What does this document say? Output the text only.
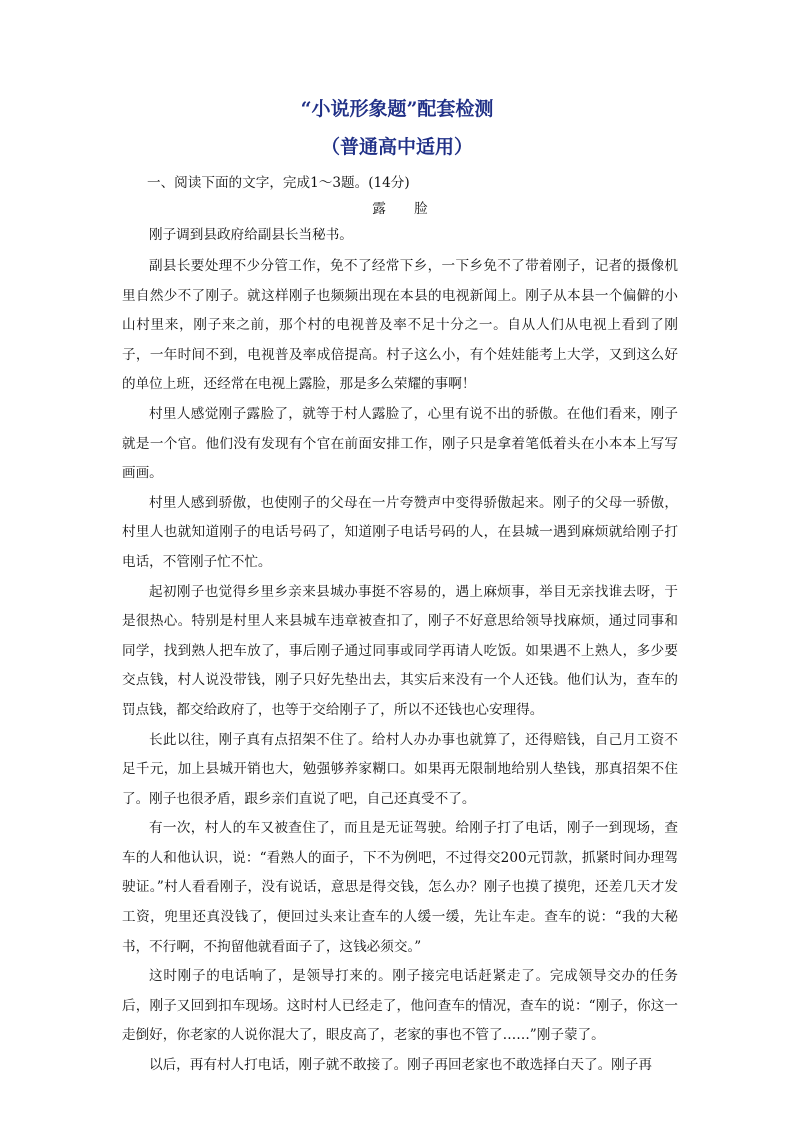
“小说形象题”配套检测
（普通高中适用）

一、阅读下面的文字，完成1～3题。(14分)

露 脸

刚子调到县政府给副县长当秘书。

副县长要处理不少分管工作，免不了经常下乡，一下乡免不了带着刚子，记者的摄像机里自然少不了刚子。就这样刚子也频频出现在本县的电视新闻上。刚子从本县一个偏僻的小山村里来，刚子来之前，那个村的电视普及率不足十分之一。自从人们从电视上看到了刚子，一年时间不到，电视普及率成倍提高。村子这么小，有个娃娃能考上大学，又到这么好的单位上班，还经常在电视上露脸，那是多么荣耀的事啊！

村里人感觉刚子露脸了，就等于村人露脸了，心里有说不出的骄傲。在他们看来，刚子就是一个官。他们没有发现有个官在前面安排工作，刚子只是拿着笔低着头在小本本上写写画画。

村里人感到骄傲，也使刚子的父母在一片夸赞声中变得骄傲起来。刚子的父母一骄傲，村里人也就知道刚子的电话号码了，知道刚子电话号码的人，在县城一遇到麻烦就给刚子打电话，不管刚子忙不忙。

起初刚子也觉得乡里乡亲来县城办事挺不容易的，遇上麻烦事，举目无亲找谁去呀，于是很热心。特别是村里人来县城车违章被查扣了，刚子不好意思给领导找麻烦，通过同事和同学，找到熟人把车放了，事后刚子通过同事或同学再请人吃饭。如果遇不上熟人，多少要交点钱，村人说没带钱，刚子只好先垫出去，其实后来没有一个人还钱。他们认为，查车的罚点钱，都交给政府了，也等于交给刚子了，所以不还钱也心安理得。

长此以往，刚子真有点招架不住了。给村人办办事也就算了，还得赔钱，自己月工资不足千元，加上县城开销也大，勉强够养家糊口。如果再无限制地给别人垫钱，那真招架不住了。刚子也很矛盾，跟乡亲们直说了吧，自己还真受不了。

有一次，村人的车又被查住了，而且是无证驾驶。给刚子打了电话，刚子一到现场，查车的人和他认识，说：“看熟人的面子，下不为例吧，不过得交200元罚款，抓紧时间办理驾驶证。”村人看看刚子，没有说话，意思是得交钱，怎么办？刚子也摸了摸兜，还差几天才发工资，兜里还真没钱了，便回过头来让查车的人缓一缓，先让车走。查车的说：“我的大秘书，不行啊，不拘留他就看面子了，这钱必须交。”

这时刚子的电话响了，是领导打来的。刚子接完电话赶紧走了。完成领导交办的任务后，刚子又回到扣车现场。这时村人已经走了，他问查车的情况，查车的说：“刚子，你这一走倒好，你老家的人说你混大了，眼皮高了，老家的事也不管了……”刚子蒙了。

以后，再有村人打电话，刚子就不敢接了。刚子再回老家也不敢选择白天了。刚子再
